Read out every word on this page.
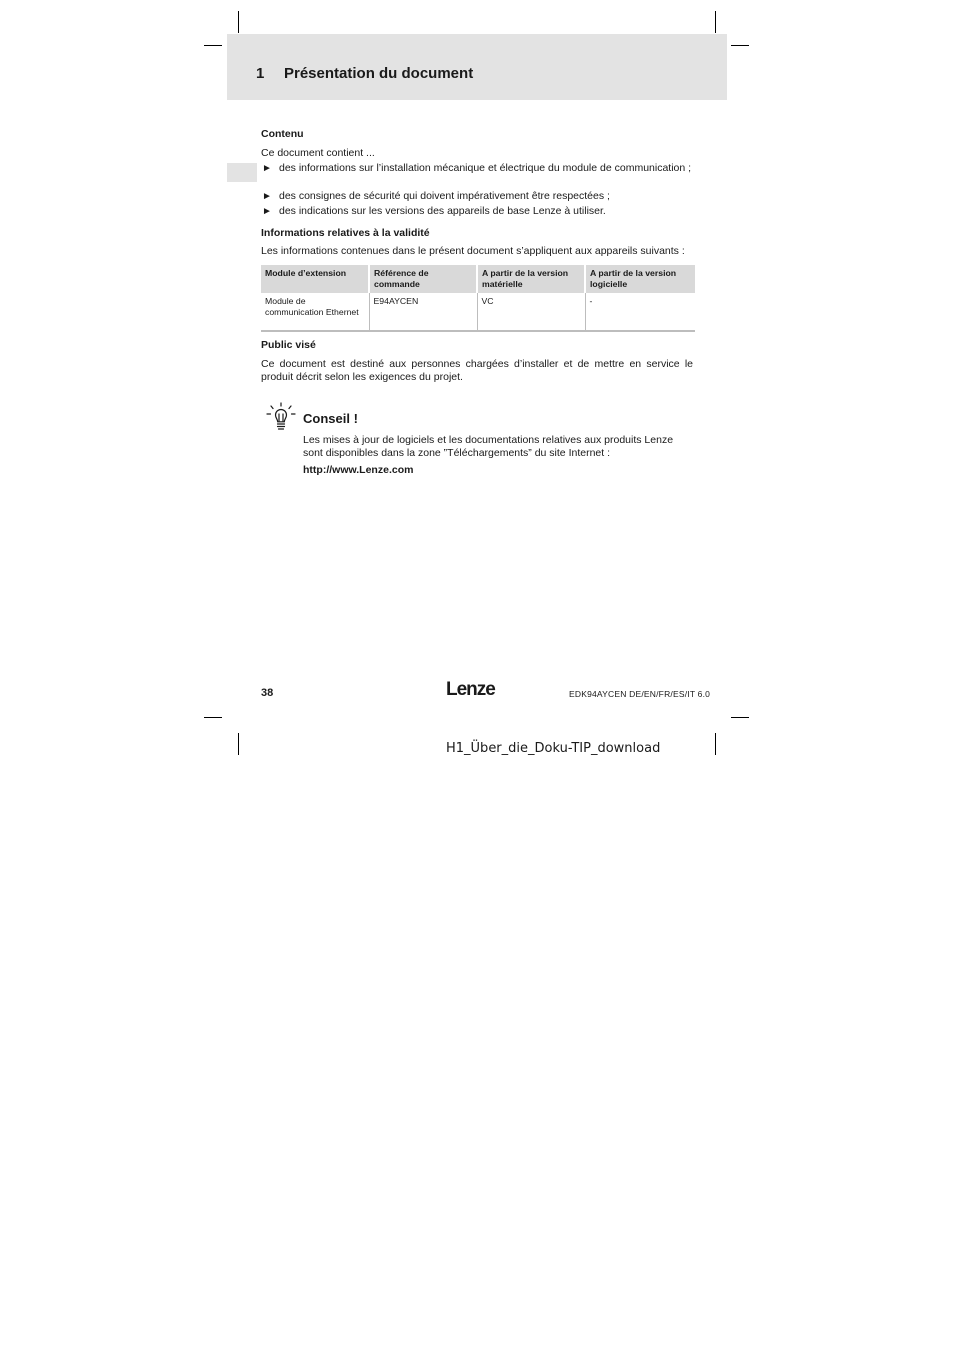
1 Présentation du document
Contenu
Ce document contient ...
► des informations sur l’installation mécanique et électrique du module de communication ;
► des consignes de sécurité qui doivent impérativement être respectées ;
► des indications sur les versions des appareils de base Lenze à utiliser.
Informations relatives à la validité
Les informations contenues dans le présent document s’appliquent aux appareils suivants :
Module d’extension	Référence de commande	A partir de la version matérielle	A partir de la version logicielle
Module de communication Ethernet	E94AYCEN	VC	-
Public visé
Ce document est destiné aux personnes chargées d’installer et de mettre en service le produit décrit selon les exigences du projet.
Conseil !
Les mises à jour de logiciels et les documentations relatives aux produits Lenze sont disponibles dans la zone ”Téléchargements” du site Internet :
http://www.Lenze.com
38	Lenze	EDK94AYCEN DE/EN/FR/ES/IT 6.0
H1_Über_die_Doku-TIP_download
